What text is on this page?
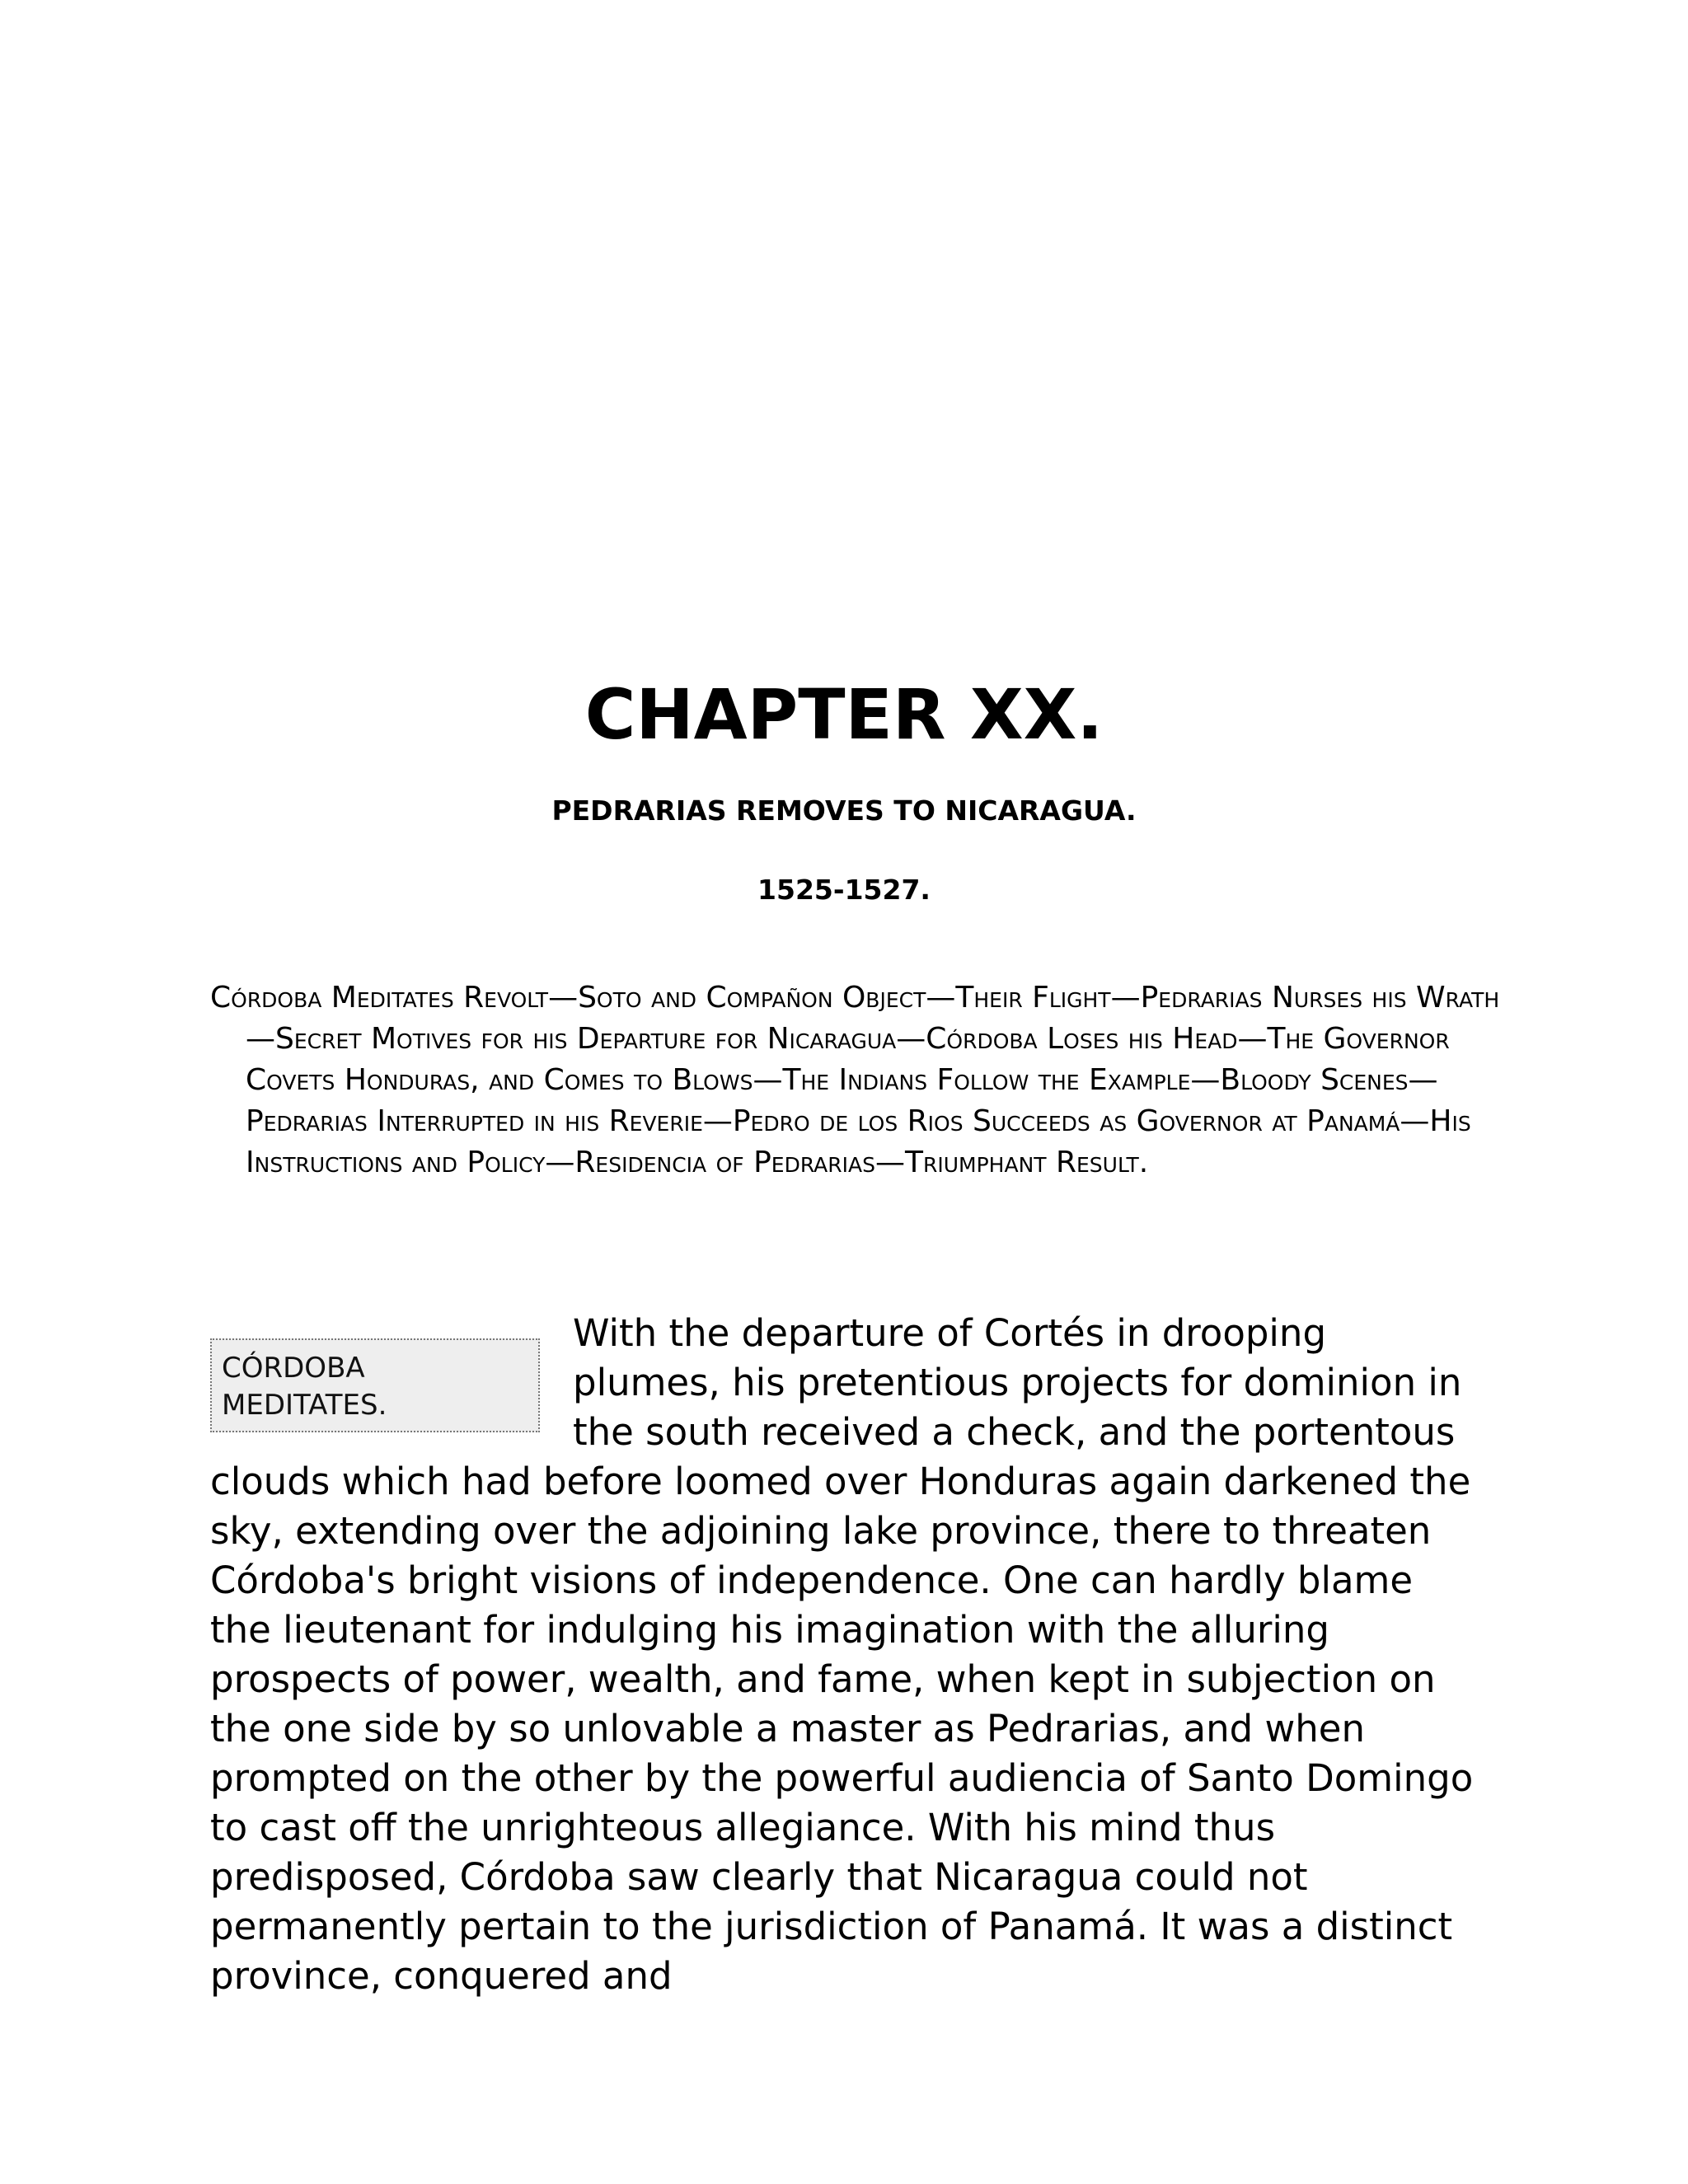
CHAPTER XX.
PEDRARIAS REMOVES TO NICARAGUA.
1525-1527.

Córdoba Meditates Revolt—Soto and Compañon Object—Their Flight—Pedrarias Nurses his Wrath—Secret Motives for his Departure for Nicaragua—Córdoba Loses his Head—The Governor Covets Honduras, and Comes to Blows—The Indians Follow the Example—Bloody Scenes—Pedrarias Interrupted in his Reverie—Pedro de los Rios Succeeds as Governor at Panamá—His Instructions and Policy—Residencia of Pedrarias—Triumphant Result.

CÓRDOBA MEDITATES.
With the departure of Cortés in drooping plumes, his pretentious projects for dominion in the south received a check, and the portentous clouds which had before loomed over Honduras again darkened the sky, extending over the adjoining lake province, there to threaten Córdoba's bright visions of independence. One can hardly blame the lieutenant for indulging his imagination with the alluring prospects of power, wealth, and fame, when kept in subjection on the one side by so unlovable a master as Pedrarias, and when prompted on the other by the powerful audiencia of Santo Domingo to cast off the unrighteous allegiance. With his mind thus predisposed, Córdoba saw clearly that Nicaragua could not permanently pertain to the jurisdiction of Panamá. It was a distinct province, conquered and
